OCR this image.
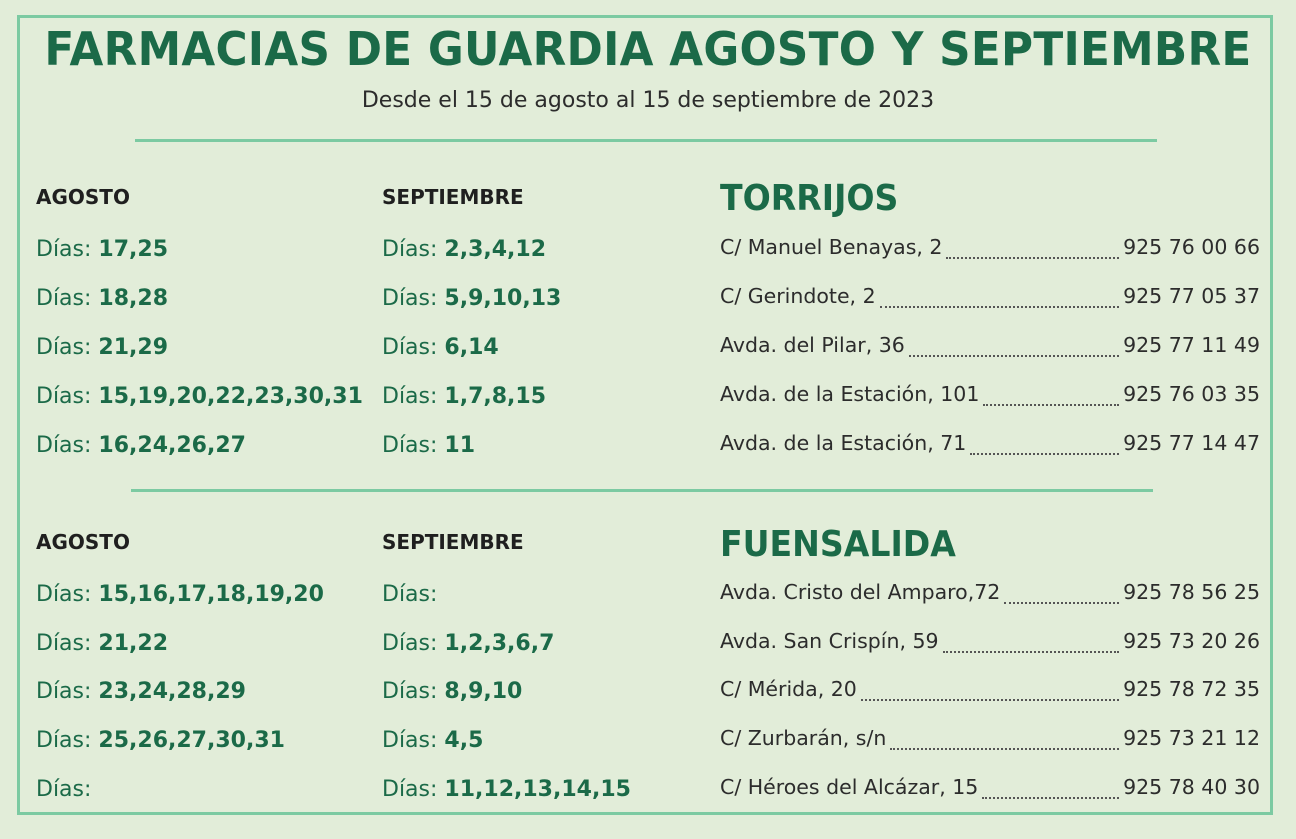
FARMACIAS DE GUARDIA AGOSTO Y SEPTIEMBRE
Desde el 15 de agosto al 15 de septiembre de 2023
AGOSTO	SEPTIEMBRE	TORRIJOS
Días: 17,25	Días: 2,3,4,12	C/ Manuel Benayas, 2	925 76 00 66
Días: 18,28	Días: 5,9,10,13	C/ Gerindote, 2	925 77 05 37
Días: 21,29	Días: 6,14	Avda. del Pilar, 36	925 77 11 49
Días: 15,19,20,22,23,30,31 Días: 1,7,8,15	Avda. de la Estación, 101	925 76 03 35
Días: 16,24,26,27	Días: 11	Avda. de la Estación, 71	925 77 14 47
AGOSTO	SEPTIEMBRE	FUENSALIDA
Días: 15,16,17,18,19,20	Días:	Avda. Cristo del Amparo,72	925 78 56 25
Días: 21,22	Días: 1,2,3,6,7	Avda. San Crispín, 59	925 73 20 26
Días: 23,24,28,29	Días: 8,9,10	C/ Mérida, 20	925 78 72 35
Días: 25,26,27,30,31	Días: 4,5	C/ Zurbarán, s/n	925 73 21 12
Días:	Días: 11,12,13,14,15	C/ Héroes del Alcázar, 15	925 78 40 30
